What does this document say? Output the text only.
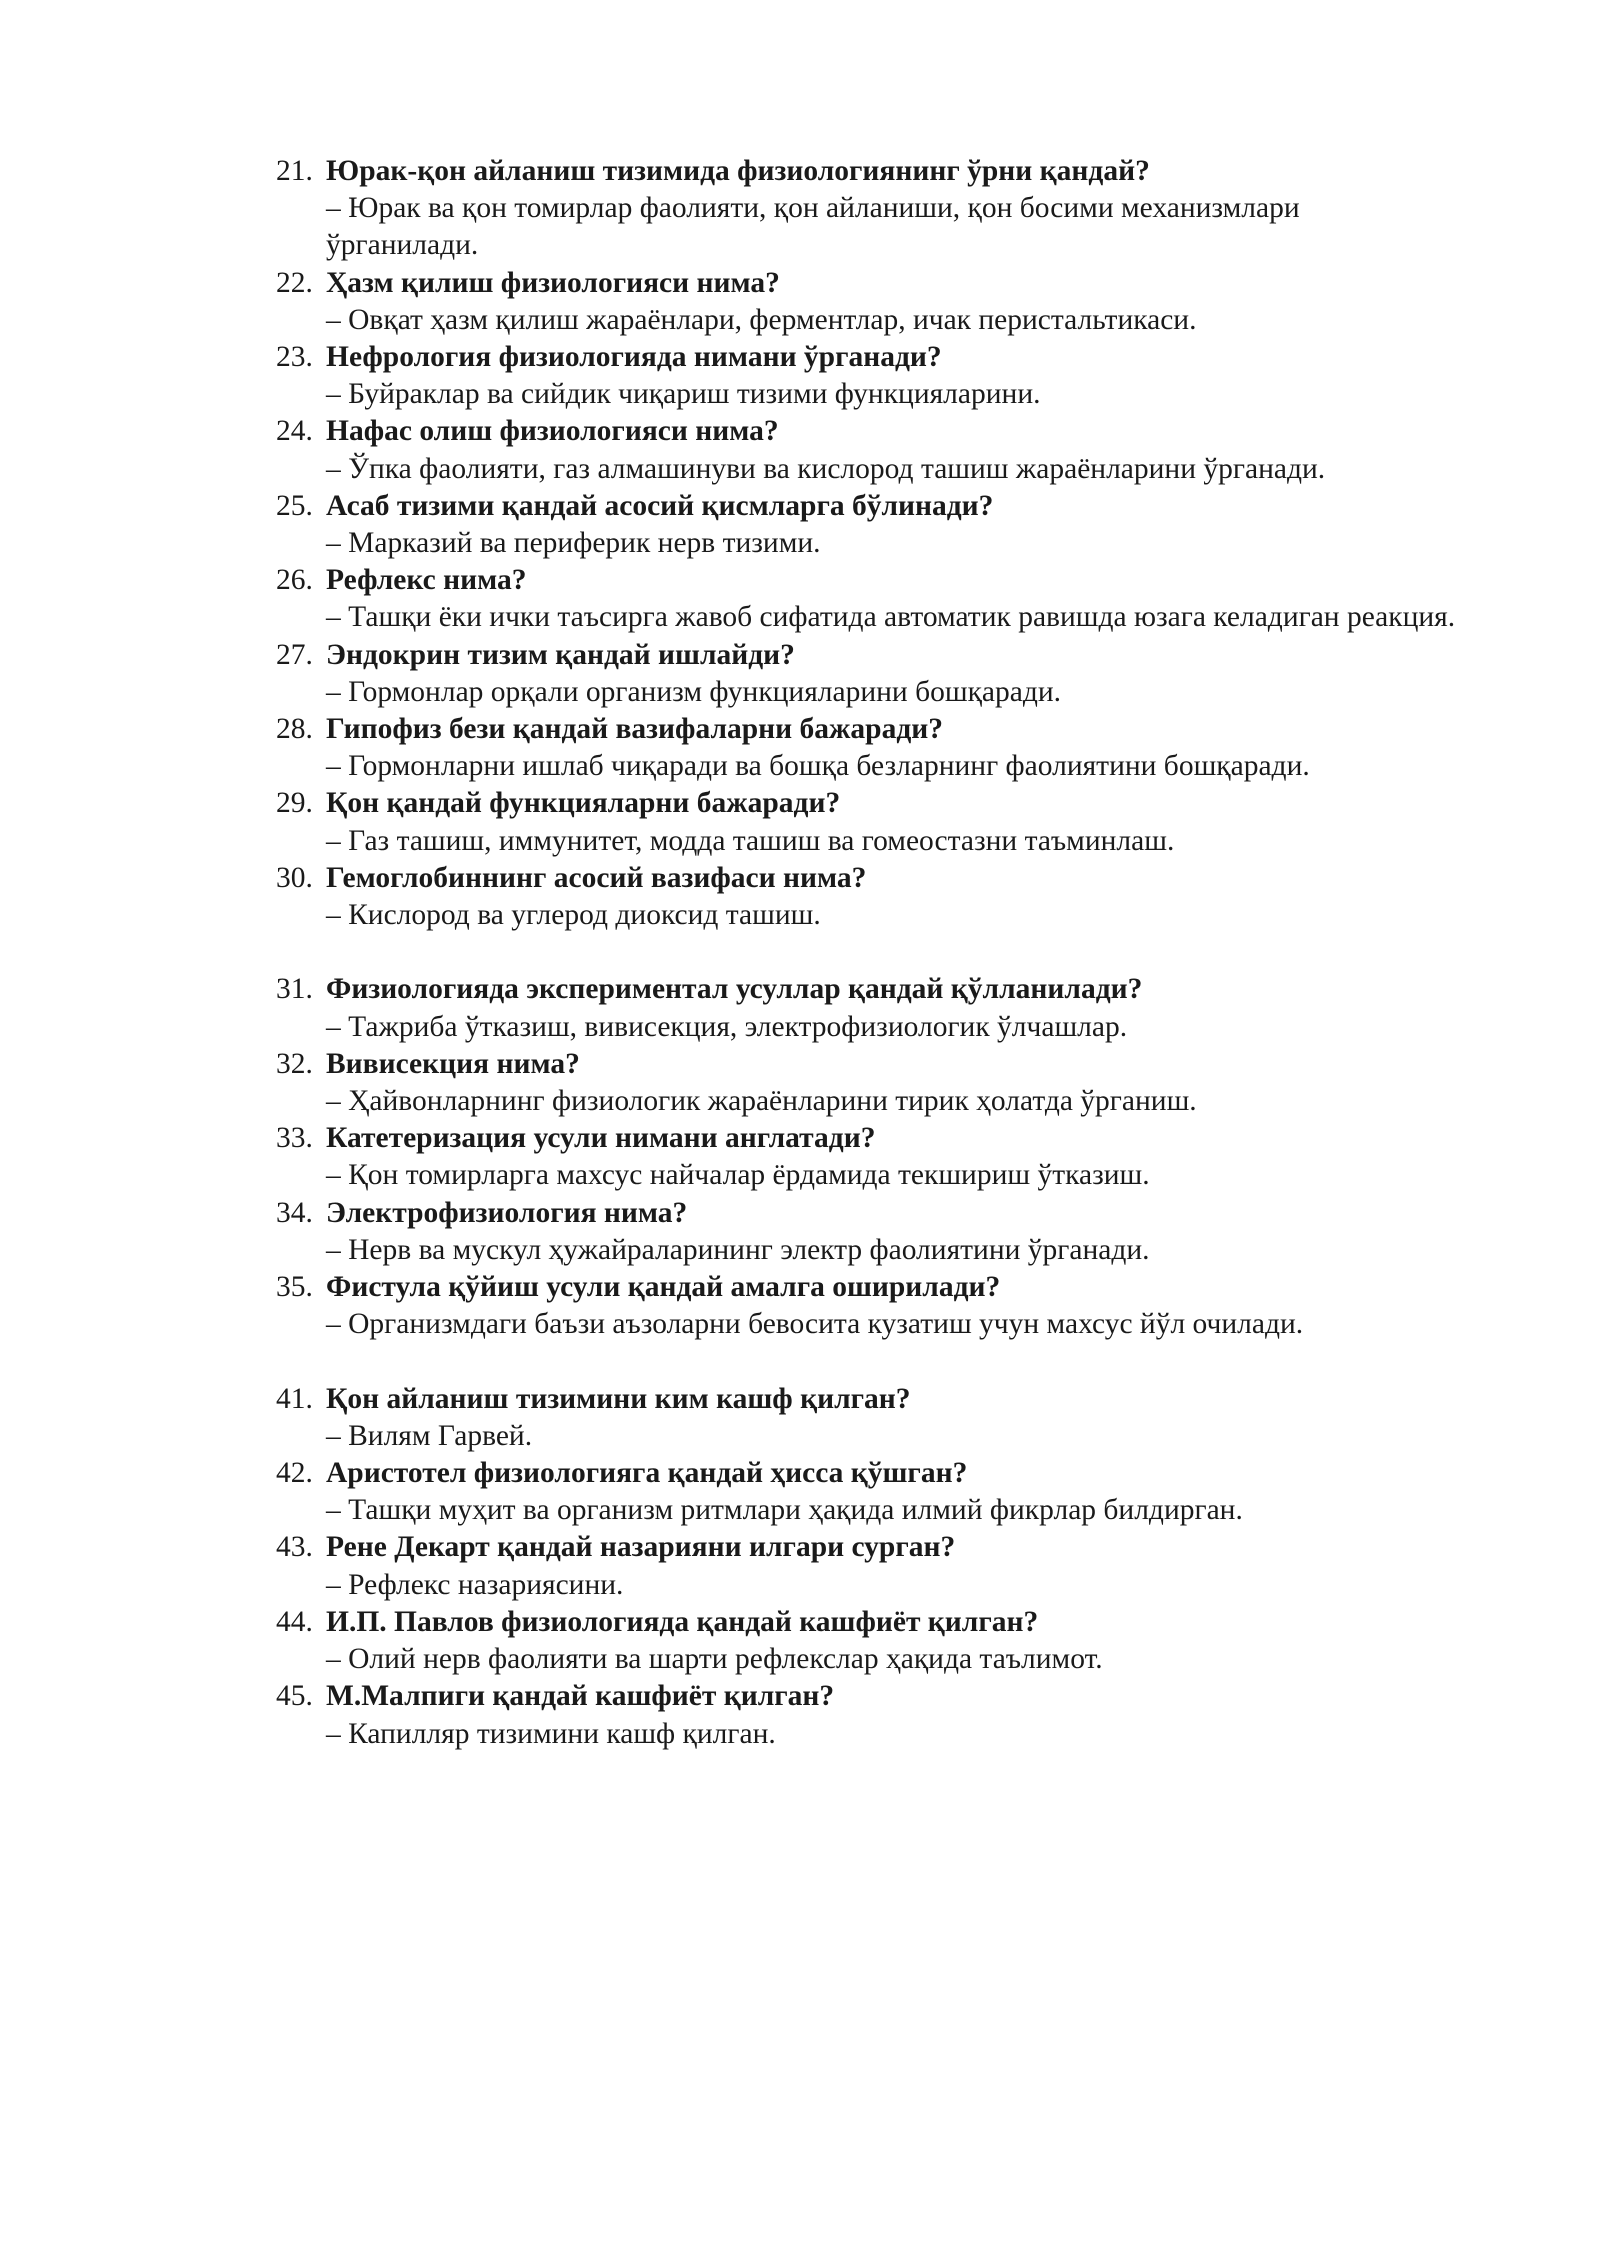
21. Юрак-қон айланиш тизимида физиологиянинг ўрни қандай?
– Юрак ва қон томирлар фаолияти, қон айланиши, қон босими механизмлари ўрганилади.
22. Ҳазм қилиш физиологияси нима?
– Овқат ҳазм қилиш жараёнлари, ферментлар, ичак перистальтикаси.
23. Нефрология физиологияда нимани ўрганади?
– Буйраклар ва сийдик чиқариш тизими функцияларини.
24. Нафас олиш физиологияси нима?
– Ўпка фаолияти, газ алмашинуви ва кислород ташиш жараёнларини ўрганади.
25. Асаб тизими қандай асосий қисмларга бўлинади?
– Марказий ва периферик нерв тизими.
26. Рефлекс нима?
– Ташқи ёки ички таъсирга жавоб сифатида автоматик равишда юзага келадиган реакция.
27. Эндокрин тизим қандай ишлайди?
– Гормонлар орқали организм функцияларини бошқаради.
28. Гипофиз бези қандай вазифаларни бажаради?
– Гормонларни ишлаб чиқаради ва бошқа безларнинг фаолиятини бошқаради.
29. Қон қандай функцияларни бажаради?
– Газ ташиш, иммунитет, модда ташиш ва гомеостазни таъминлаш.
30. Гемоглобиннинг асосий вазифаси нима?
– Кислород ва углерод диоксид ташиш.
31. Физиологияда экспериментал усуллар қандай қўлланилади?
– Тажриба ўтказиш, вивисекция, электрофизиологик ўлчашлар.
32. Вивисекция нима?
– Ҳайвонларнинг физиологик жараёнларини тирик ҳолатда ўрганиш.
33. Катетеризация усули нимани англатади?
– Қон томирларга махсус найчалар ёрдамида текшириш ўтказиш.
34. Электрофизиология нима?
– Нерв ва мускул ҳужайраларининг электр фаолиятини ўрганади.
35. Фистула қўйиш усули қандай амалга оширилади?
– Организмдаги баъзи аъзоларни бевосита кузатиш учун махсус йўл очилади.
41. Қон айланиш тизимини ким кашф қилган?
– Вилям Гарвей.
42. Аристотел физиологияга қандай ҳисса қўшган?
– Ташқи муҳит ва организм ритмлари ҳақида илмий фикрлар билдирган.
43. Рене Декарт қандай назарияни илгари сурган?
– Рефлекс назариясини.
44. И.П. Павлов физиологияда қандай кашфиёт қилган?
– Олий нерв фаолияти ва шарти рефлекслар ҳақида таълимот.
45. М.Малпиги қандай кашфиёт қилган?
– Капилляр тизимини кашф қилган.
